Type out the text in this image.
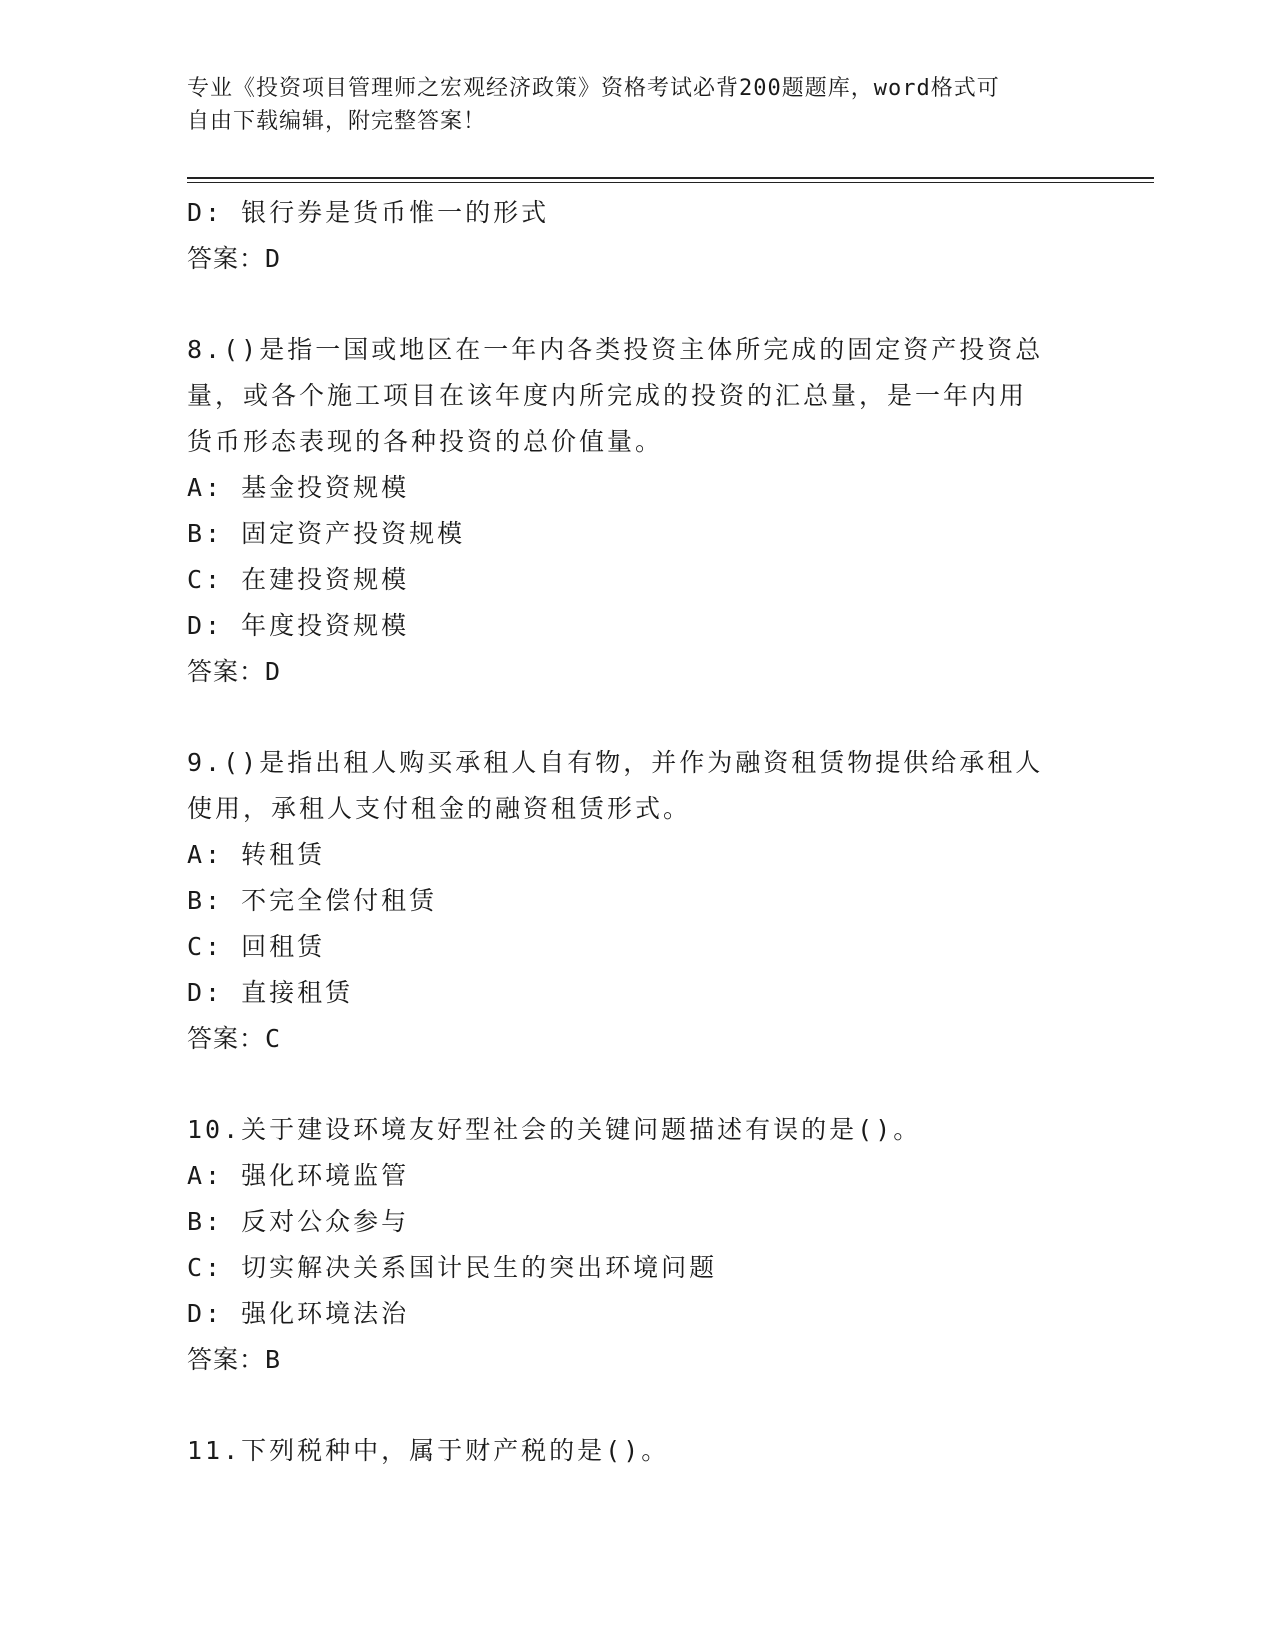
专业《投资项目管理师之宏观经济政策》资格考试必背200题题库，word格式可
自由下载编辑，附完整答案！
D: 银行券是货币惟一的形式
答案：D
8.()是指一国或地区在一年内各类投资主体所完成的固定资产投资总
量，或各个施工项目在该年度内所完成的投资的汇总量，是一年内用
货币形态表现的各种投资的总价值量。
A: 基金投资规模
B: 固定资产投资规模
C: 在建投资规模
D: 年度投资规模
答案：D
9.()是指出租人购买承租人自有物，并作为融资租赁物提供给承租人
使用，承租人支付租金的融资租赁形式。
A: 转租赁
B: 不完全偿付租赁
C: 回租赁
D: 直接租赁
答案：C
10.关于建设环境友好型社会的关键问题描述有误的是()。
A: 强化环境监管
B: 反对公众参与
C: 切实解决关系国计民生的突出环境问题
D: 强化环境法治
答案：B
11.下列税种中，属于财产税的是()。
